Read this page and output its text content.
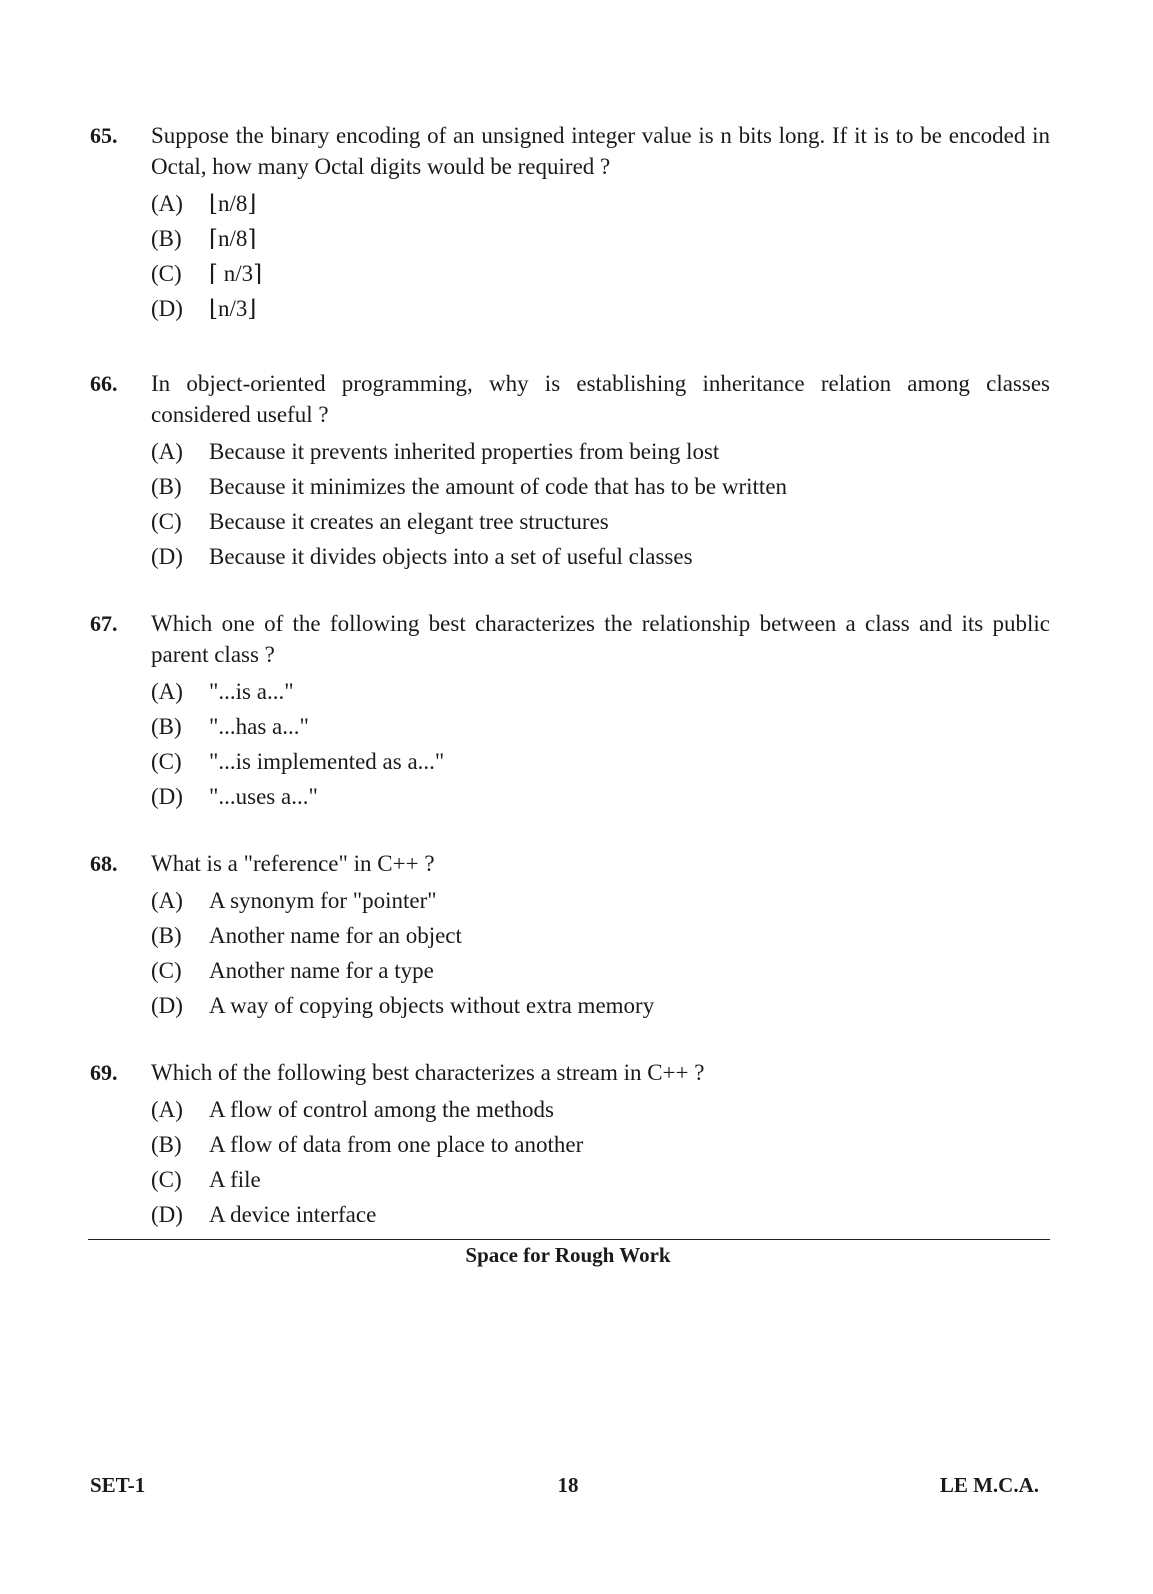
65. Suppose the binary encoding of an unsigned integer value is n bits long. If it is to be encoded in Octal, how many Octal digits would be required ?
(A)	⌊n/8⌋
(B)	⌈n/8⌉
(C)	⌈ n/3⌉
(D)	⌊n/3⌋
66. In object-oriented programming, why is establishing inheritance relation among classes considered useful ?
(A)	Because it prevents inherited properties from being lost
(B)	Because it minimizes the amount of code that has to be written
(C)	Because it creates an elegant tree structures
(D)	Because it divides objects into a set of useful classes
67. Which one of the following best characterizes the relationship between a class and its public parent class ?
(A)	"...is a..."
(B)	"...has a..."
(C)	"...is implemented as a..."
(D)	"...uses a..."
68. What is a "reference" in C++ ?
(A)	A synonym for "pointer"
(B)	Another name for an object
(C)	Another name for a type
(D)	A way of copying objects without extra memory
69. Which of the following best characterizes a stream in C++ ?
(A)	A flow of control among the methods
(B)	A flow of data from one place to another
(C)	A file
(D)	A device interface
Space for Rough Work
SET-1	18	LE M.C.A.
